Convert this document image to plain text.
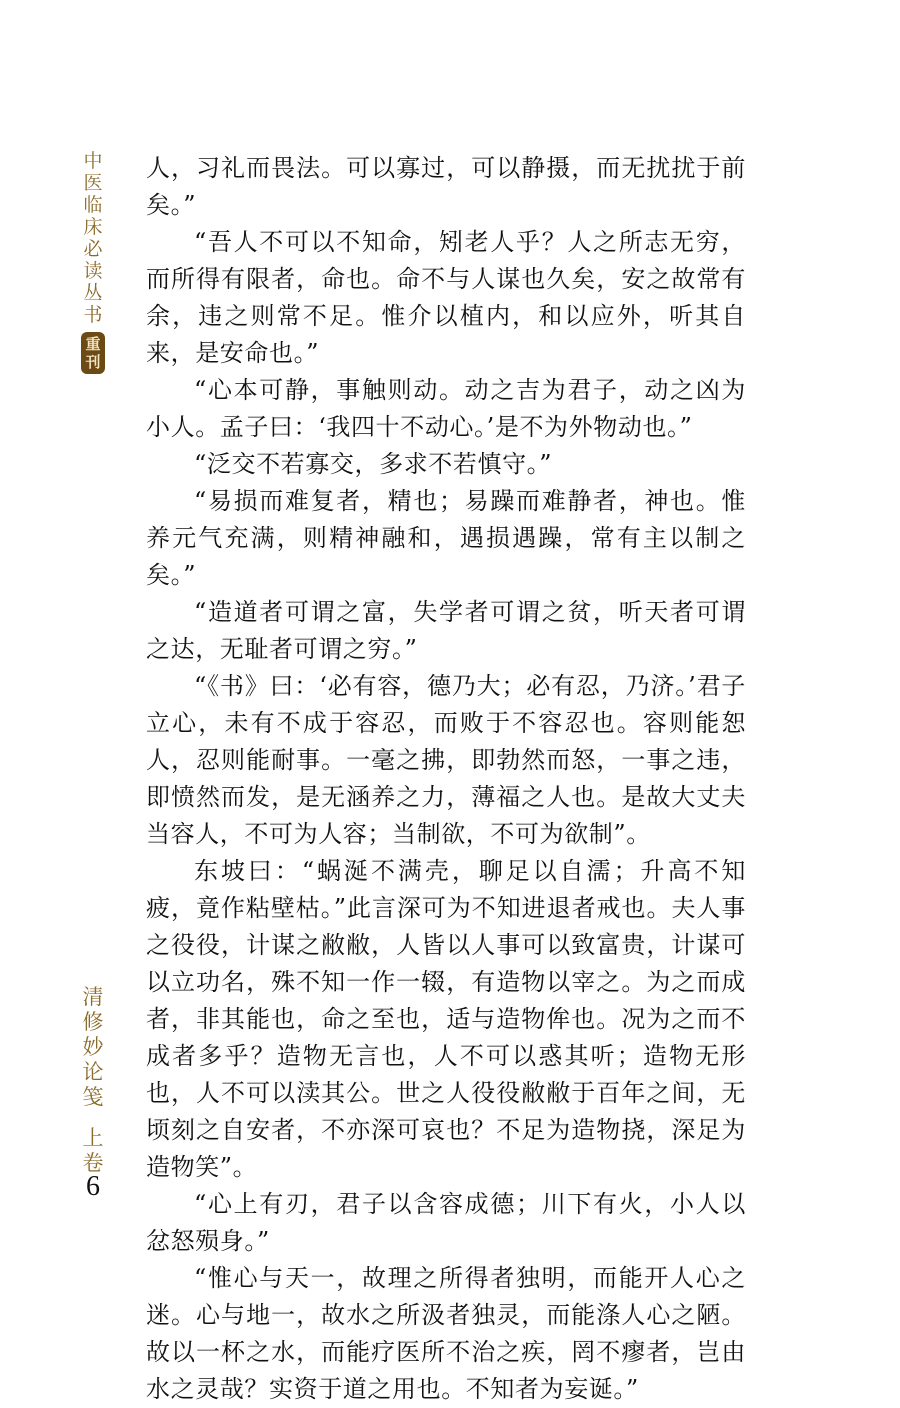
中
医
临
床
必
读
丛
书
重
刊
清
修
妙
论
笺
上
卷
6

人，习礼而畏法。可以寡过，可以静摄，而无扰扰于前矣。”

“吾人不可以不知命，矧老人乎？人之所志无穷，而所得有限者，命也。命不与人谋也久矣，安之故常有余，违之则常不足。惟介以植内，和以应外，听其自来，是安命也。”

“心本可静，事触则动。动之吉为君子，动之凶为小人。孟子曰：‘我四十不动心。’是不为外物动也。”

“泛交不若寡交，多求不若慎守。”

“易损而难复者，精也；易躁而难静者，神也。惟养元气充满，则精神融和，遇损遇躁，常有主以制之矣。”

“造道者可谓之富，失学者可谓之贫，听天者可谓之达，无耻者可谓之穷。”

“《书》曰：‘必有容，德乃大；必有忍，乃济。’君子立心，未有不成于容忍，而败于不容忍也。容则能恕人，忍则能耐事。一毫之拂，即勃然而怒，一事之违，即愤然而发，是无涵养之力，薄福之人也。是故大丈夫当容人，不可为人容；当制欲，不可为欲制”。

东坡曰：“蜗涎不满壳，聊足以自濡；升高不知疲，竟作粘壁枯。”此言深可为不知进退者戒也。夫人事之役役，计谋之敝敝，人皆以人事可以致富贵，计谋可以立功名，殊不知一作一辍，有造物以宰之。为之而成者，非其能也，命之至也，适与造物侔也。况为之而不成者多乎？造物无言也，人不可以惑其听；造物无形也，人不可以渎其公。世之人役役敝敝于百年之间，无顷刻之自安者，不亦深可哀也？不足为造物挠，深足为造物笑”。

“心上有刃，君子以含容成德；川下有火，小人以忿怒殒身。”

“惟心与天一，故理之所得者独明，而能开人心之迷。心与地一，故水之所汲者独灵，而能涤人心之陋。故以一杯之水，而能疗医所不治之疾，罔不瘳者，岂由水之灵哉？实资于道之用也。不知者为妄诞。”
